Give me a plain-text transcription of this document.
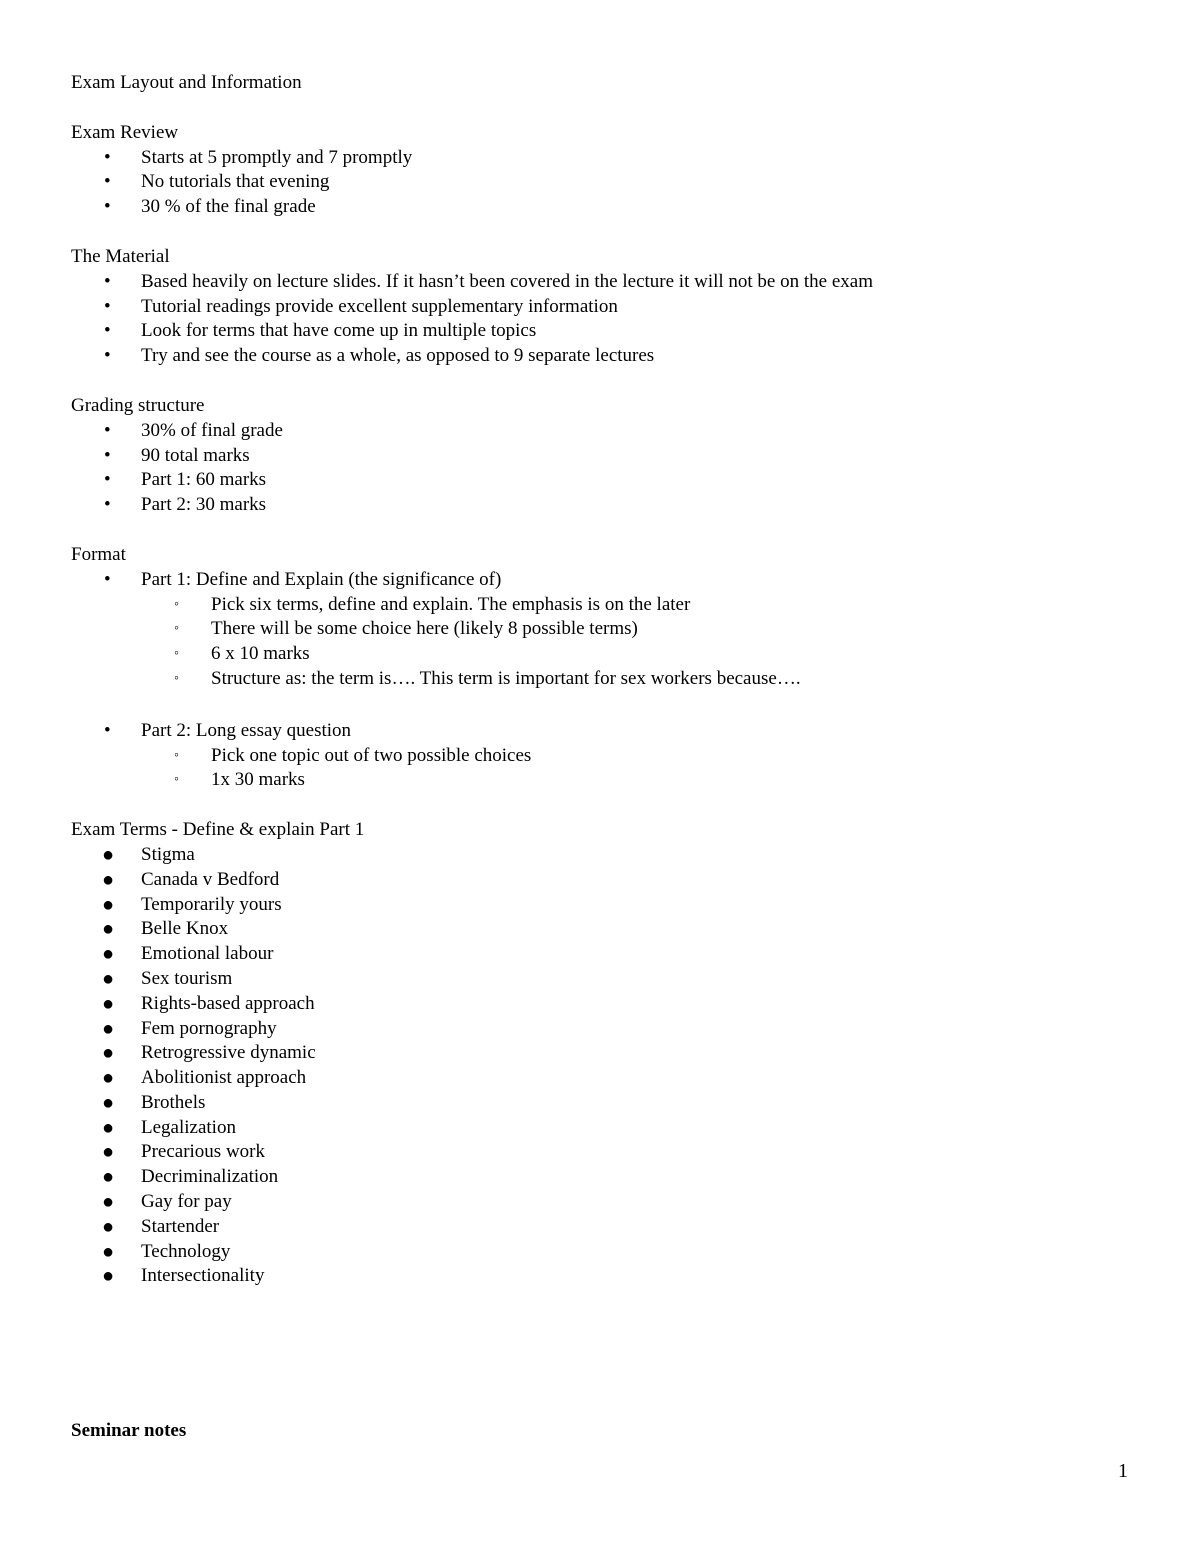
Exam Layout and Information
Exam Review
•	Starts at 5 promptly and 7 promptly
•	No tutorials that evening
•	30 % of the final grade
The Material
•	Based heavily on lecture slides. If it hasn’t been covered in the lecture it will not be on the exam
•	Tutorial readings provide excellent supplementary information
•	Look for terms that have come up in multiple topics
•	Try and see the course as a whole, as opposed to 9 separate lectures
Grading structure
•	30% of final grade
•	90 total marks
•	Part 1: 60 marks
•	Part 2: 30 marks
Format
•	Part 1: Define and Explain (the significance of)
◦	Pick six terms, define and explain. The emphasis is on the later
◦	There will be some choice here (likely 8 possible terms)
◦	6 x 10 marks
◦	Structure as: the term is…. This term is important for sex workers because….
•	Part 2: Long essay question
◦	Pick one topic out of two possible choices
◦	1x 30 marks
Exam Terms - Define & explain Part 1
●	Stigma
●	Canada v Bedford
●	Temporarily yours
●	Belle Knox
●	Emotional labour
●	Sex tourism
●	Rights-based approach
●	Fem pornography
●	Retrogressive dynamic
●	Abolitionist approach
●	Brothels
●	Legalization
●	Precarious work
●	Decriminalization
●	Gay for pay
●	Startender
●	Technology
●	Intersectionality
Seminar notes
1
